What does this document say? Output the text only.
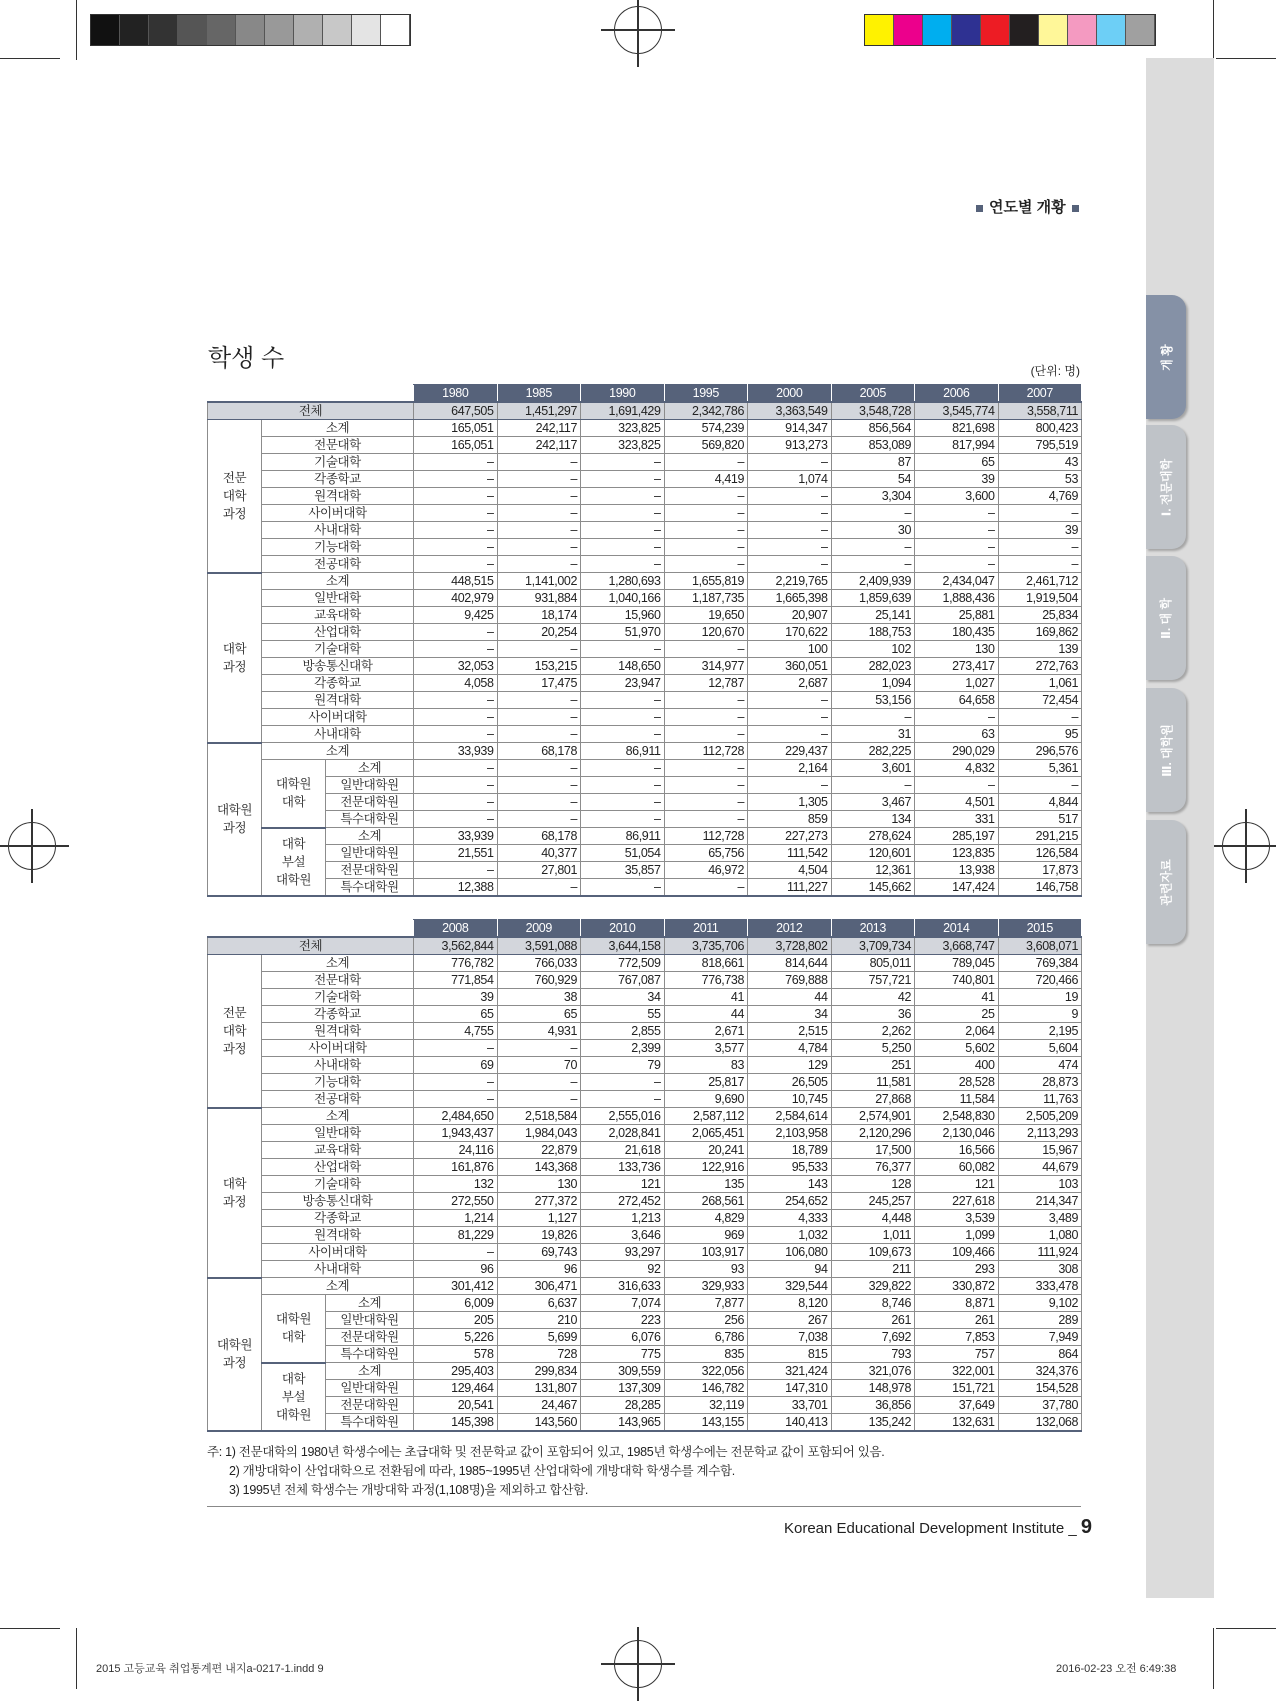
개 황
Ⅰ. 전문대학
Ⅱ. 대 학
Ⅲ. 대학원
관련자료
연도별 개황
학생 수	(단위: 명)
			1980	1985	1990	1995	2000	2005	2006	2007
전체			647,505	1,451,297	1,691,429	2,342,786	3,363,549	3,548,728	3,545,774	3,558,711
전문
대학
과정	소계		165,051	242,117	323,825	574,239	914,347	856,564	821,698	800,423
	전문대학		165,051	242,117	323,825	569,820	913,273	853,089	817,994	795,519
	기술대학		–	–	–	–	–	87	65	43
	각종학교		–	–	–	4,419	1,074	54	39	53
	원격대학		–	–	–	–	–	3,304	3,600	4,769
	사이버대학		–	–	–	–	–	–	–	–
	사내대학		–	–	–	–	–	30	–	39
	기능대학		–	–	–	–	–	–	–	–
	전공대학		–	–	–	–	–	–	–	–
대학
과정	소계		448,515	1,141,002	1,280,693	1,655,819	2,219,765	2,409,939	2,434,047	2,461,712
	일반대학		402,979	931,884	1,040,166	1,187,735	1,665,398	1,859,639	1,888,436	1,919,504
	교육대학		9,425	18,174	15,960	19,650	20,907	25,141	25,881	25,834
	산업대학		–	20,254	51,970	120,670	170,622	188,753	180,435	169,862
	기술대학		–	–	–	–	100	102	130	139
	방송통신대학		32,053	153,215	148,650	314,977	360,051	282,023	273,417	272,763
	각종학교		4,058	17,475	23,947	12,787	2,687	1,094	1,027	1,061
	원격대학		–	–	–	–	–	53,156	64,658	72,454
	사이버대학		–	–	–	–	–	–	–	–
	사내대학		–	–	–	–	–	31	63	95
대학원
과정	소계		33,939	68,178	86,911	112,728	229,437	282,225	290,029	296,576
	대학원
대학	소계	–	–	–	–	2,164	3,601	4,832	5,361
		일반대학원	–	–	–	–	–	–	–	–
		전문대학원	–	–	–	–	1,305	3,467	4,501	4,844
		특수대학원	–	–	–	–	859	134	331	517
	대학
부설
대학원	소계	33,939	68,178	86,911	112,728	227,273	278,624	285,197	291,215
		일반대학원	21,551	40,377	51,054	65,756	111,542	120,601	123,835	126,584
		전문대학원	–	27,801	35,857	46,972	4,504	12,361	13,938	17,873
		특수대학원	12,388	–	–	–	111,227	145,662	147,424	146,758
			2008	2009	2010	2011	2012	2013	2014	2015
전체			3,562,844	3,591,088	3,644,158	3,735,706	3,728,802	3,709,734	3,668,747	3,608,071
전문
대학
과정	소계		776,782	766,033	772,509	818,661	814,644	805,011	789,045	769,384
	전문대학		771,854	760,929	767,087	776,738	769,888	757,721	740,801	720,466
	기술대학		39	38	34	41	44	42	41	19
	각종학교		65	65	55	44	34	36	25	9
	원격대학		4,755	4,931	2,855	2,671	2,515	2,262	2,064	2,195
	사이버대학		–	–	2,399	3,577	4,784	5,250	5,602	5,604
	사내대학		69	70	79	83	129	251	400	474
	기능대학		–	–	–	25,817	26,505	11,581	28,528	28,873
	전공대학		–	–	–	9,690	10,745	27,868	11,584	11,763
대학
과정	소계		2,484,650	2,518,584	2,555,016	2,587,112	2,584,614	2,574,901	2,548,830	2,505,209
	일반대학		1,943,437	1,984,043	2,028,841	2,065,451	2,103,958	2,120,296	2,130,046	2,113,293
	교육대학		24,116	22,879	21,618	20,241	18,789	17,500	16,566	15,967
	산업대학		161,876	143,368	133,736	122,916	95,533	76,377	60,082	44,679
	기술대학		132	130	121	135	143	128	121	103
	방송통신대학		272,550	277,372	272,452	268,561	254,652	245,257	227,618	214,347
	각종학교		1,214	1,127	1,213	4,829	4,333	4,448	3,539	3,489
	원격대학		81,229	19,826	3,646	969	1,032	1,011	1,099	1,080
	사이버대학		–	69,743	93,297	103,917	106,080	109,673	109,466	111,924
	사내대학		96	96	92	93	94	211	293	308
대학원
과정	소계		301,412	306,471	316,633	329,933	329,544	329,822	330,872	333,478
	대학원
대학	소계	6,009	6,637	7,074	7,877	8,120	8,746	8,871	9,102
		일반대학원	205	210	223	256	267	261	261	289
		전문대학원	5,226	5,699	6,076	6,786	7,038	7,692	7,853	7,949
		특수대학원	578	728	775	835	815	793	757	864
	대학
부설
대학원	소계	295,403	299,834	309,559	322,056	321,424	321,076	322,001	324,376
		일반대학원	129,464	131,807	137,309	146,782	147,310	148,978	151,721	154,528
		전문대학원	20,541	24,467	28,285	32,119	33,701	36,856	37,649	37,780
		특수대학원	145,398	143,560	143,965	143,155	140,413	135,242	132,631	132,068
주: 1) 전문대학의 1980년 학생수에는 초급대학 및 전문학교 값이 포함되어 있고, 1985년 학생수에는 전문학교 값이 포함되어 있음.
2) 개방대학이 산업대학으로 전환됨에 따라, 1985~1995년 산업대학에 개방대학 학생수를 계수함.
3) 1995년 전체 학생수는 개방대학 과정(1,108명)을 제외하고 합산함.
Korean Educational Development Institute _ 9
2015 고등교육 취업통계편 내지a-0217-1.indd 9	2016-02-23 오전 6:49:38
